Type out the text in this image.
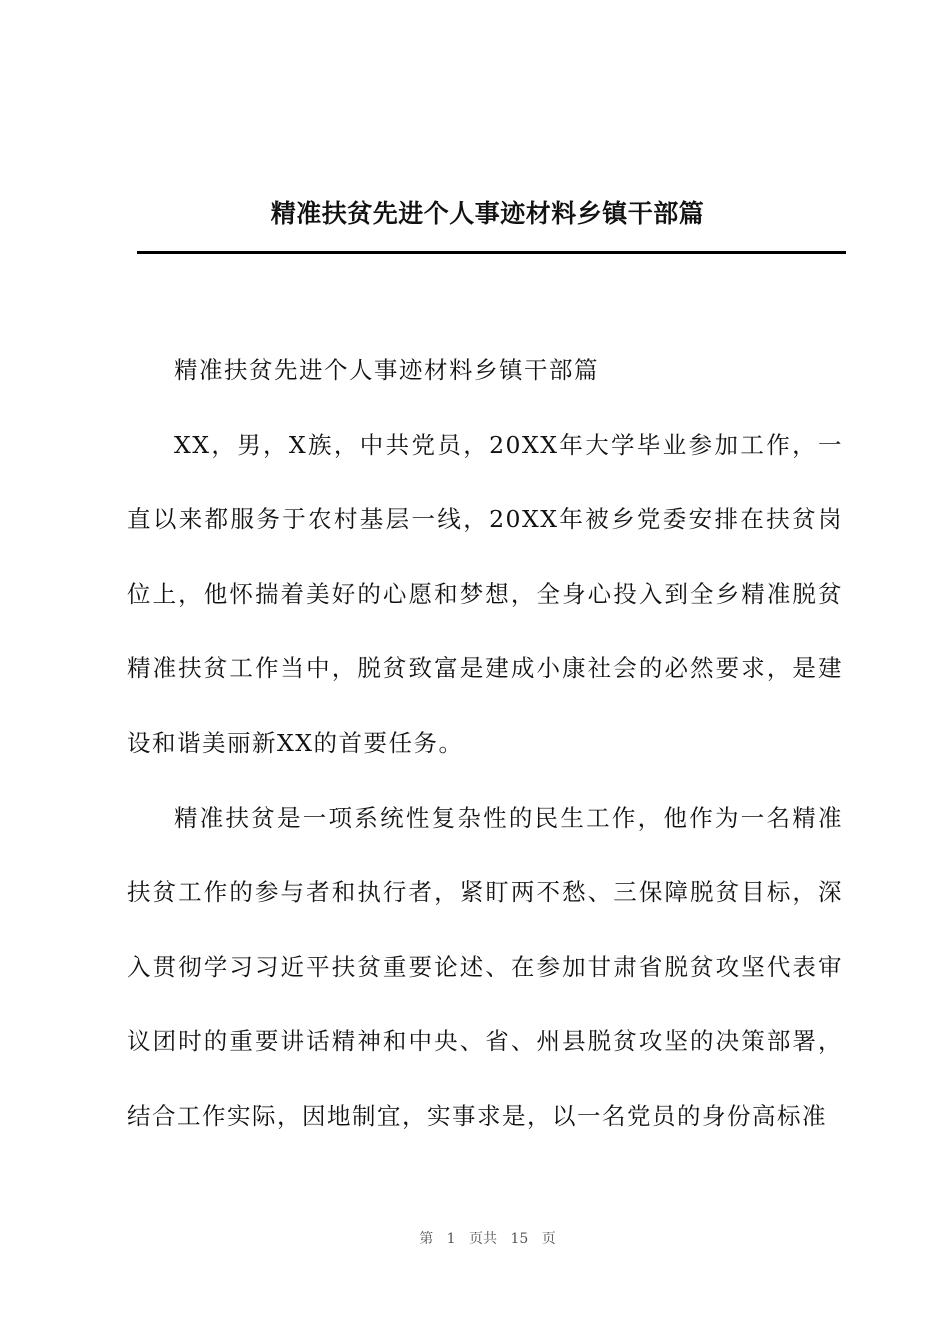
精准扶贫先进个人事迹材料乡镇干部篇

精准扶贫先进个人事迹材料乡镇干部篇

XX，男，X族，中共党员，20XX年大学毕业参加工作，一直以来都服务于农村基层一线，20XX年被乡党委安排在扶贫岗位上，他怀揣着美好的心愿和梦想，全身心投入到全乡精准脱贫精准扶贫工作当中，脱贫致富是建成小康社会的必然要求，是建设和谐美丽新XX的首要任务。

精准扶贫是一项系统性复杂性的民生工作，他作为一名精准扶贫工作的参与者和执行者，紧盯两不愁、三保障脱贫目标，深入贯彻学习习近平扶贫重要论述、在参加甘肃省脱贫攻坚代表审议团时的重要讲话精神和中央、省、州县脱贫攻坚的决策部署，结合工作实际，因地制宜，实事求是，以一名党员的身份高标准

第 1 页共 15 页
